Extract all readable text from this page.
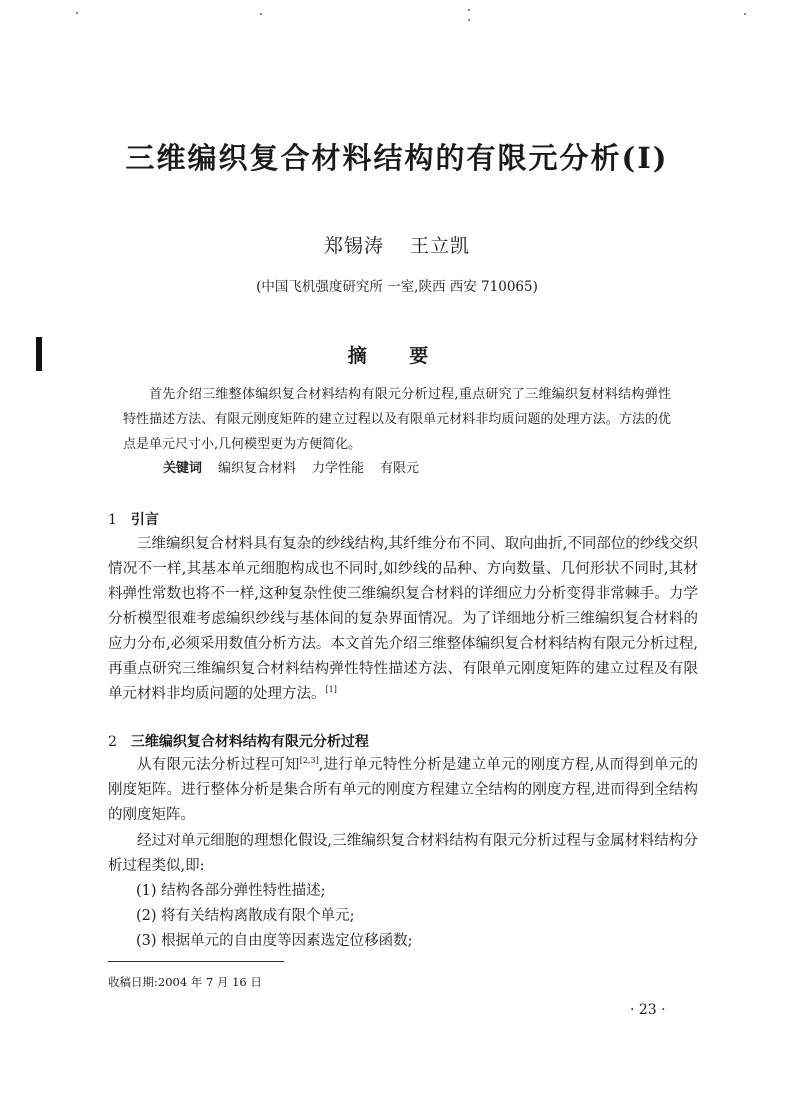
三维编织复合材料结构的有限元分析(I)
郑锡涛 王立凯
(中国飞机强度研究所 一室,陕西 西安 710065)
摘 要

首先介绍三维整体编织复合材料结构有限元分析过程,重点研究了三维编织复材料结构弹性特性描述方法、有限元刚度矩阵的建立过程以及有限单元材料非均质问题的处理方法。方法的优点是单元尺寸小,几何模型更为方便简化。

关键词 编织复合材料 力学性能 有限元
1 引言

三维编织复合材料具有复杂的纱线结构,其纤维分布不同、取向曲折,不同部位的纱线交织情况不一样,其基本单元细胞构成也不同时,如纱线的品种、方向数量、几何形状不同时,其材料弹性常数也将不一样,这种复杂性使三维编织复合材料的详细应力分析变得非常棘手。力学分析模型很难考虑编织纱线与基体间的复杂界面情况。为了详细地分析三维编织复合材料的应力分布,必须采用数值分析方法。本文首先介绍三维整体编织复合材料结构有限元分析过程,再重点研究三维编织复合材料结构弹性特性描述方法、有限单元刚度矩阵的建立过程及有限单元材料非均质问题的处理方法。[1]

2 三维编织复合材料结构有限元分析过程

从有限元法分析过程可知[2,3],进行单元特性分析是建立单元的刚度方程,从而得到单元的刚度矩阵。进行整体分析是集合所有单元的刚度方程建立全结构的刚度方程,进而得到全结构的刚度矩阵。

经过对单元细胞的理想化假设,三维编织复合材料结构有限元分析过程与金属材料结构分析过程类似,即:

(1) 结构各部分弹性特性描述;
(2) 将有关结构离散成有限个单元;
(3) 根据单元的自由度等因素选定位移函数;
收稿日期:2004 年 7 月 16 日
· 23 ·
